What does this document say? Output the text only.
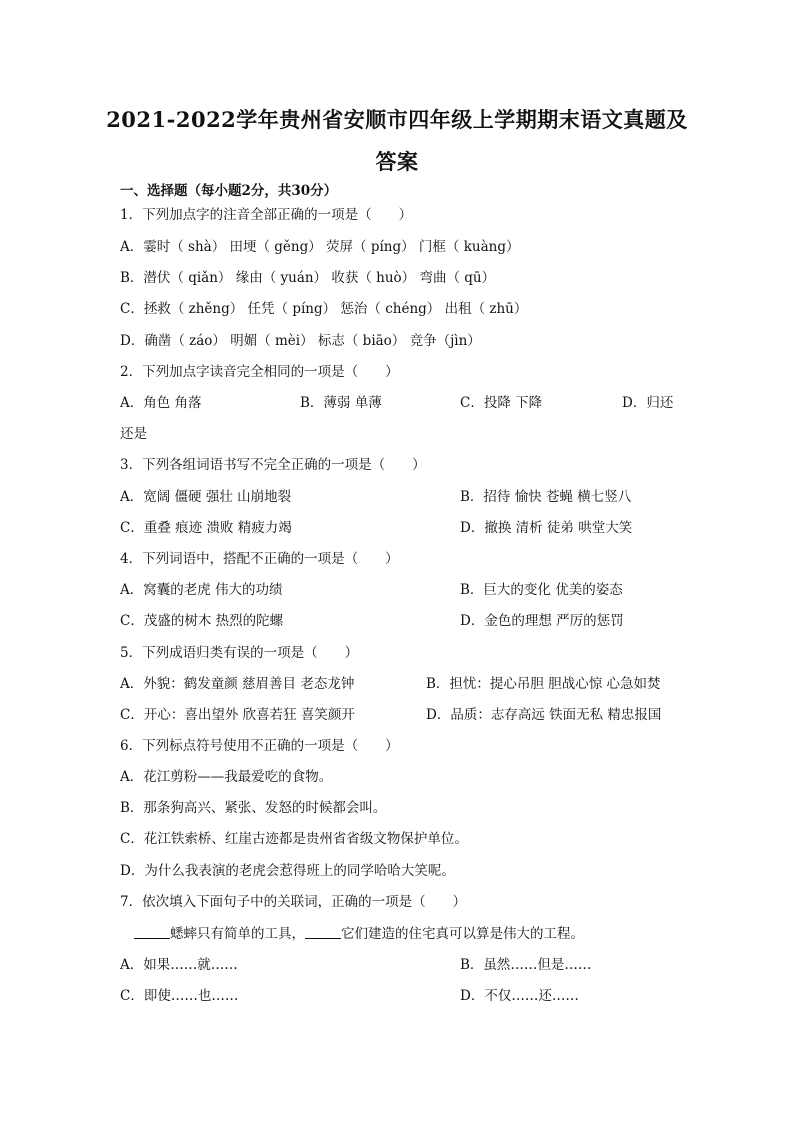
2021-2022学年贵州省安顺市四年级上学期期末语文真题及
答案
一、选择题（每小题2分，共30分）
1．下列加点字的注音全部正确的一项是（　　）
A．霎时（ shà） 田埂（ gěng） 荧屏（ píng） 门框（ kuàng）
B．潜伏（ qiǎn） 缘由（ yuán） 收获（ huò） 弯曲（ qū）
C．拯救（ zhěng） 任凭（ píng） 惩治（ chéng） 出租（ zhū）
D．确凿（ záo） 明媚（ mèi） 标志（ biāo） 竞争（jìn）
2．下列加点字读音完全相同的一项是（　　）
A．角色 角落	B．薄弱 单薄	C．投降 下降	D．归还
还是
3．下列各组词语书写不完全正确的一项是（　　）
A．宽阔 僵硬 强壮 山崩地裂	B．招待 愉快 苍蝇 横七竖八
C．重叠 痕迹 溃败 精疲力竭	D．撤换 清析 徒弟 哄堂大笑
4．下列词语中，搭配不正确的一项是（　　）
A．窝囊的老虎 伟大的功绩	B．巨大的变化 优美的姿态
C．茂盛的树木 热烈的陀螺	D．金色的理想 严厉的惩罚
5．下列成语归类有误的一项是（　　）
A．外貌：鹤发童颜 慈眉善目 老态龙钟	B．担忧：提心吊胆 胆战心惊 心急如焚
C．开心：喜出望外 欣喜若狂 喜笑颜开	D．品质：志存高远 铁面无私 精忠报国
6．下列标点符号使用不正确的一项是（　　）
A．花江剪粉——我最爱吃的食物。
B．那条狗高兴、紧张、发怒的时候都会叫。
C．花江铁索桥、红崖古迹都是贵州省省级文物保护单位。
D．为什么我表演的老虎会惹得班上的同学哈哈大笑呢。
7．依次填入下面句子中的关联词，正确的一项是（　　）
蟋蟀只有简单的工具，	它们建造的住宅真可以算是伟大的工程。
A．如果……就……	B．虽然……但是……
C．即使……也……	D．不仅……还……
